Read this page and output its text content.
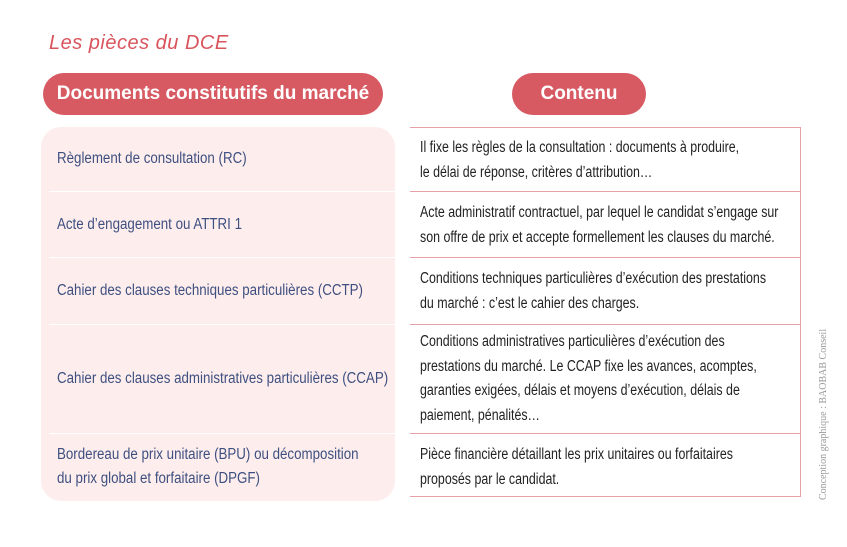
Les pièces du DCE
Documents constitutifs du marché	Contenu
Règlement de consultation (RC)
Acte d’engagement ou ATTRI 1
Cahier des clauses techniques particulières (CCTP)
Cahier des clauses administratives particulières (CCAP)
Bordereau de prix unitaire (BPU) ou décomposition
du prix global et forfaitaire (DPGF)
Il fixe les règles de la consultation : documents à produire,
le délai de réponse, critères d’attribution…
Acte administratif contractuel, par lequel le candidat s’engage sur
son offre de prix et accepte formellement les clauses du marché.
Conditions techniques particulières d’exécution des prestations
du marché : c’est le cahier des charges.
Conditions administratives particulières d’exécution des
prestations du marché. Le CCAP fixe les avances, acomptes,
garanties exigées, délais et moyens d’exécution, délais de
paiement, pénalités…
Pièce financière détaillant les prix unitaires ou forfaitaires
proposés par le candidat.	Conception graphique : BAOBAB Conseil
